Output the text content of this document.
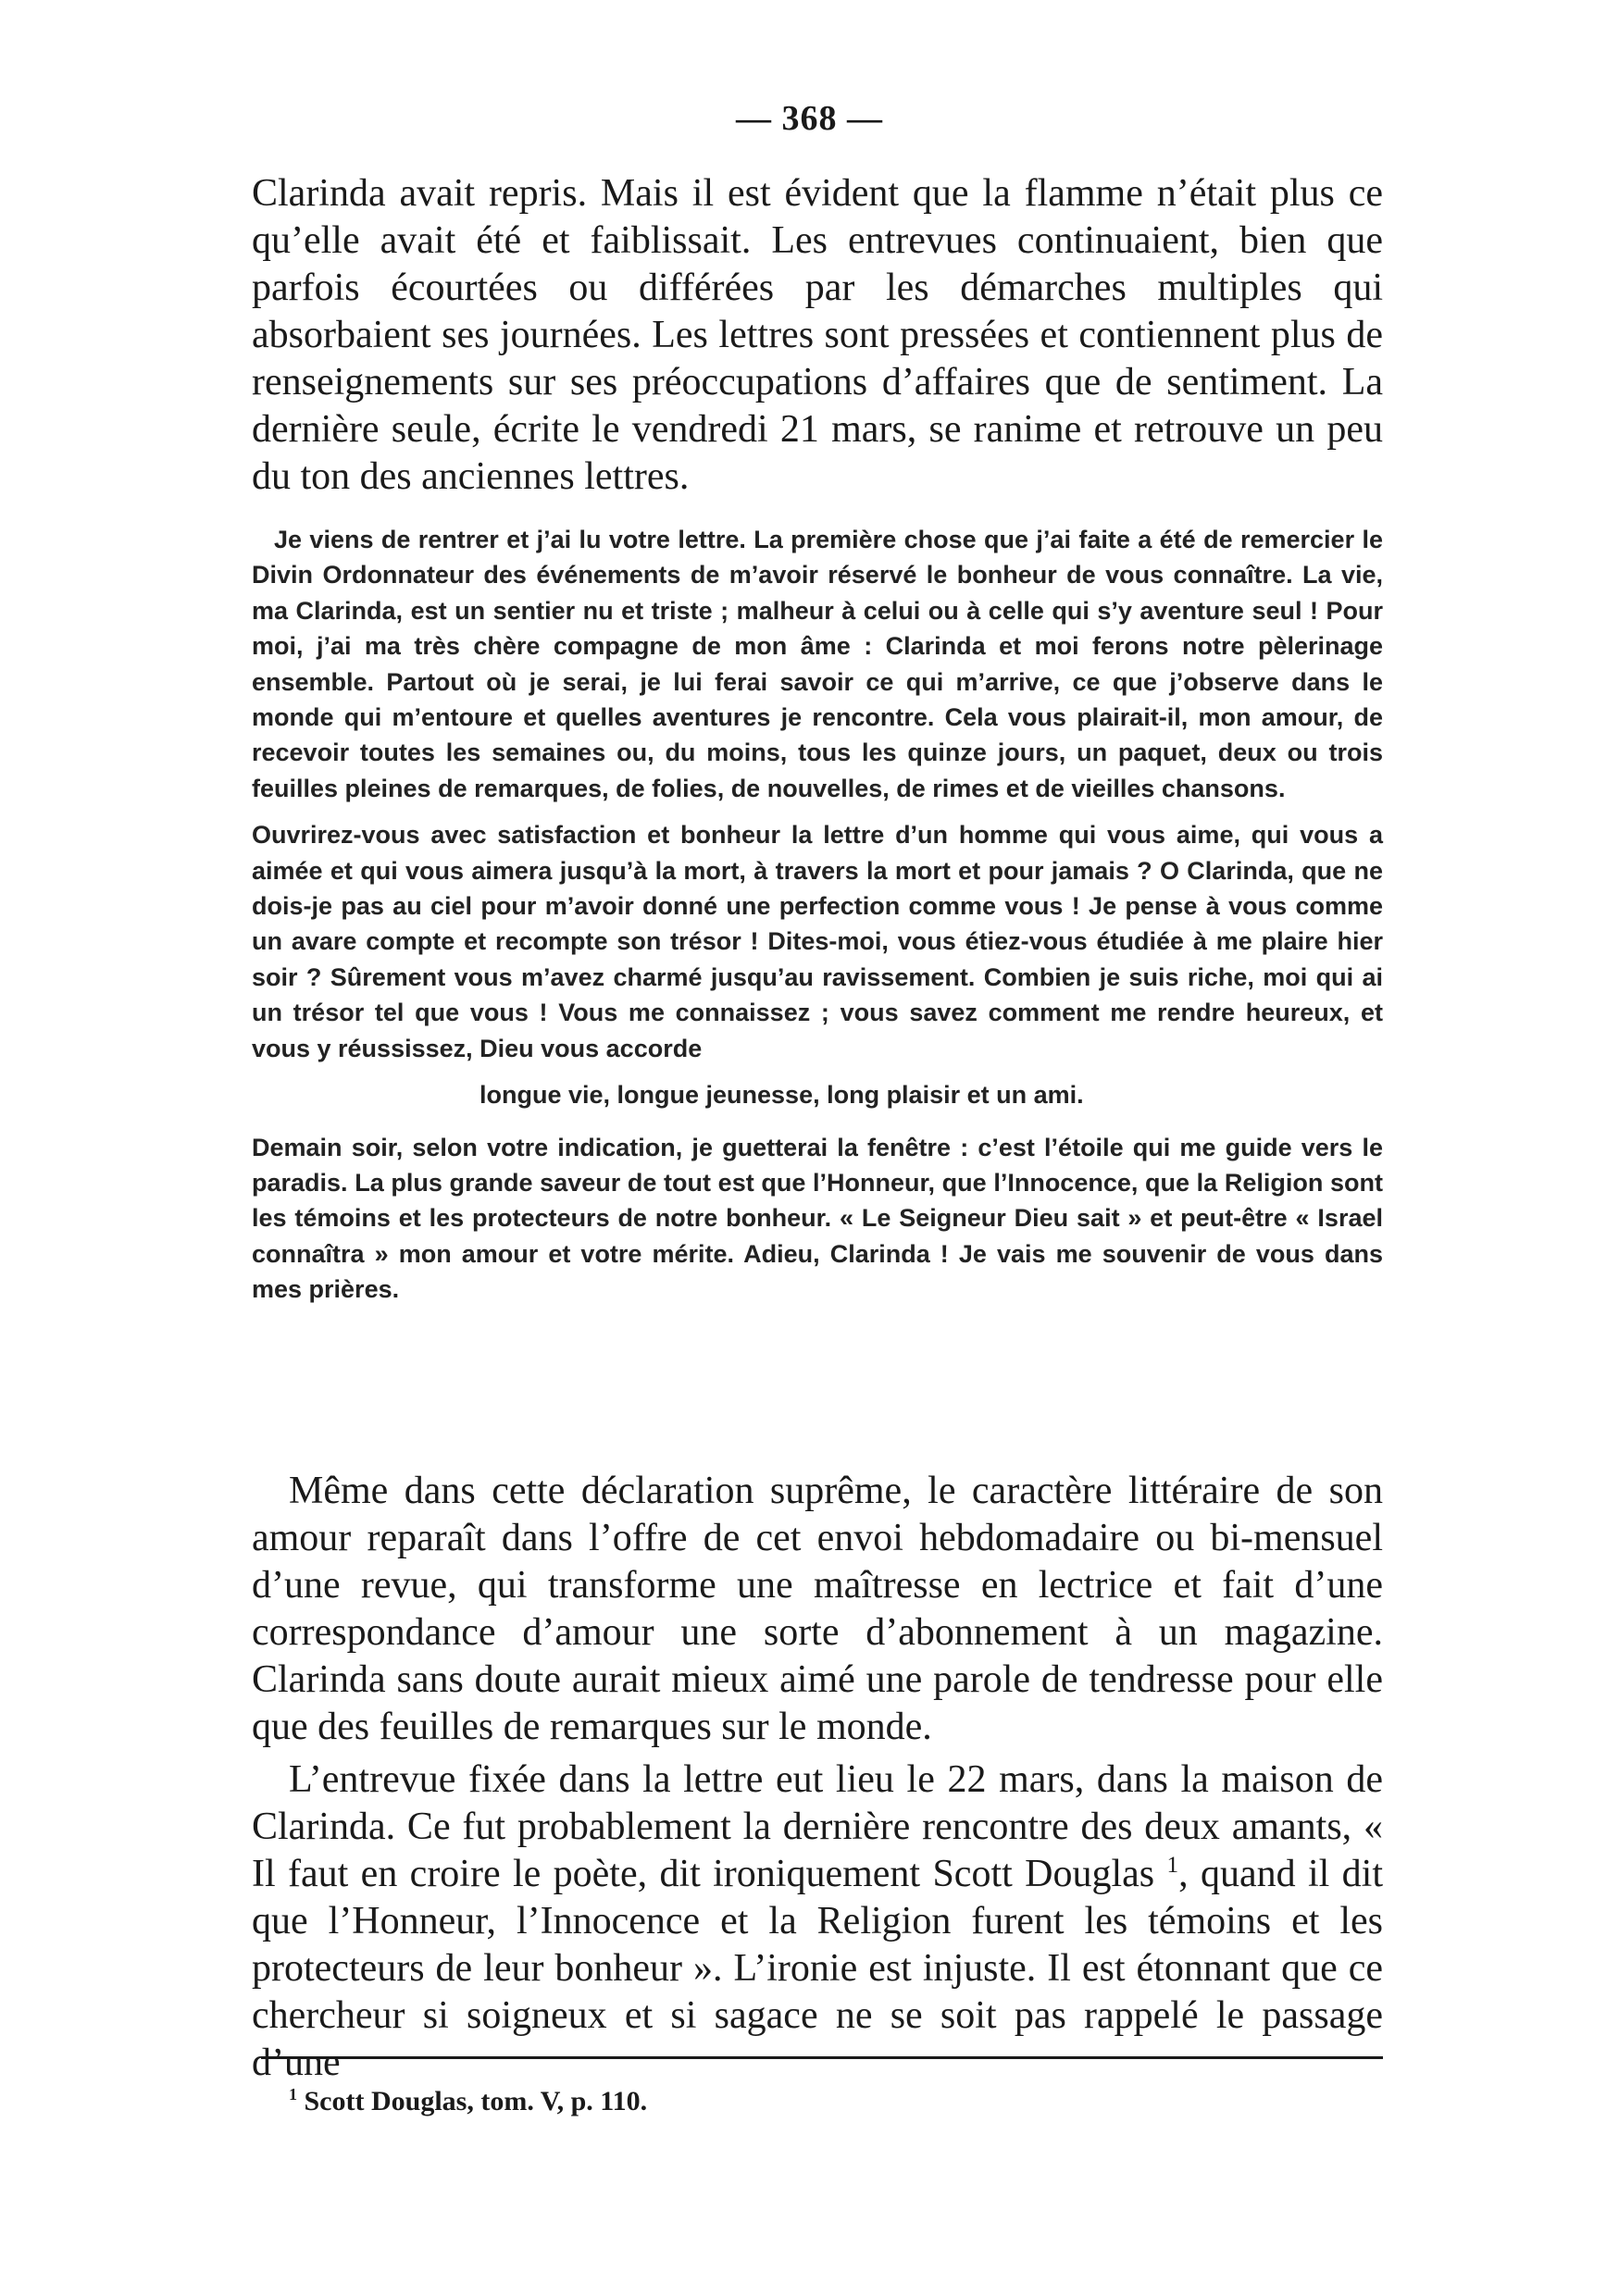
— 368 —

Clarinda avait repris. Mais il est évident que la flamme n’était plus ce qu’elle avait été et faiblissait. Les entrevues continuaient, bien que parfois écourtées ou différées par les démarches multiples qui absorbaient ses journées. Les lettres sont pressées et contiennent plus de renseignements sur ses préoccupations d’affaires que de sentiment. La dernière seule, écrite le vendredi 21 mars, se ranime et retrouve un peu du ton des anciennes lettres.

Je viens de rentrer et j’ai lu votre lettre. La première chose que j’ai faite a été de remercier le Divin Ordonnateur des événements de m’avoir réservé le bonheur de vous connaître. La vie, ma Clarinda, est un sentier nu et triste ; malheur à celui ou à celle qui s’y aventure seul ! Pour moi, j’ai ma très chère compagne de mon âme : Clarinda et moi ferons notre pèlerinage ensemble. Partout où je serai, je lui ferai savoir ce qui m’arrive, ce que j’observe dans le monde qui m’entoure et quelles aventures je rencontre. Cela vous plairait-il, mon amour, de recevoir toutes les semaines ou, du moins, tous les quinze jours, un paquet, deux ou trois feuilles pleines de remarques, de folies, de nouvelles, de rimes et de vieilles chansons.

Ouvrirez-vous avec satisfaction et bonheur la lettre d’un homme qui vous aime, qui vous a aimée et qui vous aimera jusqu’à la mort, à travers la mort et pour jamais ? O Clarinda, que ne dois-je pas au ciel pour m’avoir donné une perfection comme vous ! Je pense à vous comme un avare compte et recompte son trésor ! Dites-moi, vous étiez-vous étudiée à me plaire hier soir ? Sûrement vous m’avez charmé jusqu’au ravissement. Combien je suis riche, moi qui ai un trésor tel que vous ! Vous me connaissez ; vous savez comment me rendre heureux, et vous y réussissez, Dieu vous accorde

longue vie, longue jeunesse, long plaisir et un ami.

Demain soir, selon votre indication, je guetterai la fenêtre : c’est l’étoile qui me guide vers le paradis. La plus grande saveur de tout est que l’Honneur, que l’Innocence, que la Religion sont les témoins et les protecteurs de notre bonheur. « Le Seigneur Dieu sait » et peut-être « Israel connaîtra » mon amour et votre mérite. Adieu, Clarinda ! Je vais me souvenir de vous dans mes prières.

Même dans cette déclaration suprême, le caractère littéraire de son amour reparaît dans l’offre de cet envoi hebdomadaire ou bi-mensuel d’une revue, qui transforme une maîtresse en lectrice et fait d’une correspondance d’amour une sorte d’abonnement à un magazine. Clarinda sans doute aurait mieux aimé une parole de tendresse pour elle que des feuilles de remarques sur le monde.

L’entrevue fixée dans la lettre eut lieu le 22 mars, dans la maison de Clarinda. Ce fut probablement la dernière rencontre des deux amants, « Il faut en croire le poète, dit ironiquement Scott Douglas $^1$, quand il dit que l’Honneur, l’Innocence et la Religion furent les témoins et les protecteurs de leur bonheur ». L’ironie est injuste. Il est étonnant que ce chercheur si soigneux et si sagace ne se soit pas rappelé le passage d’une

$^1$ Scott Douglas, tom. V, p. 110.
